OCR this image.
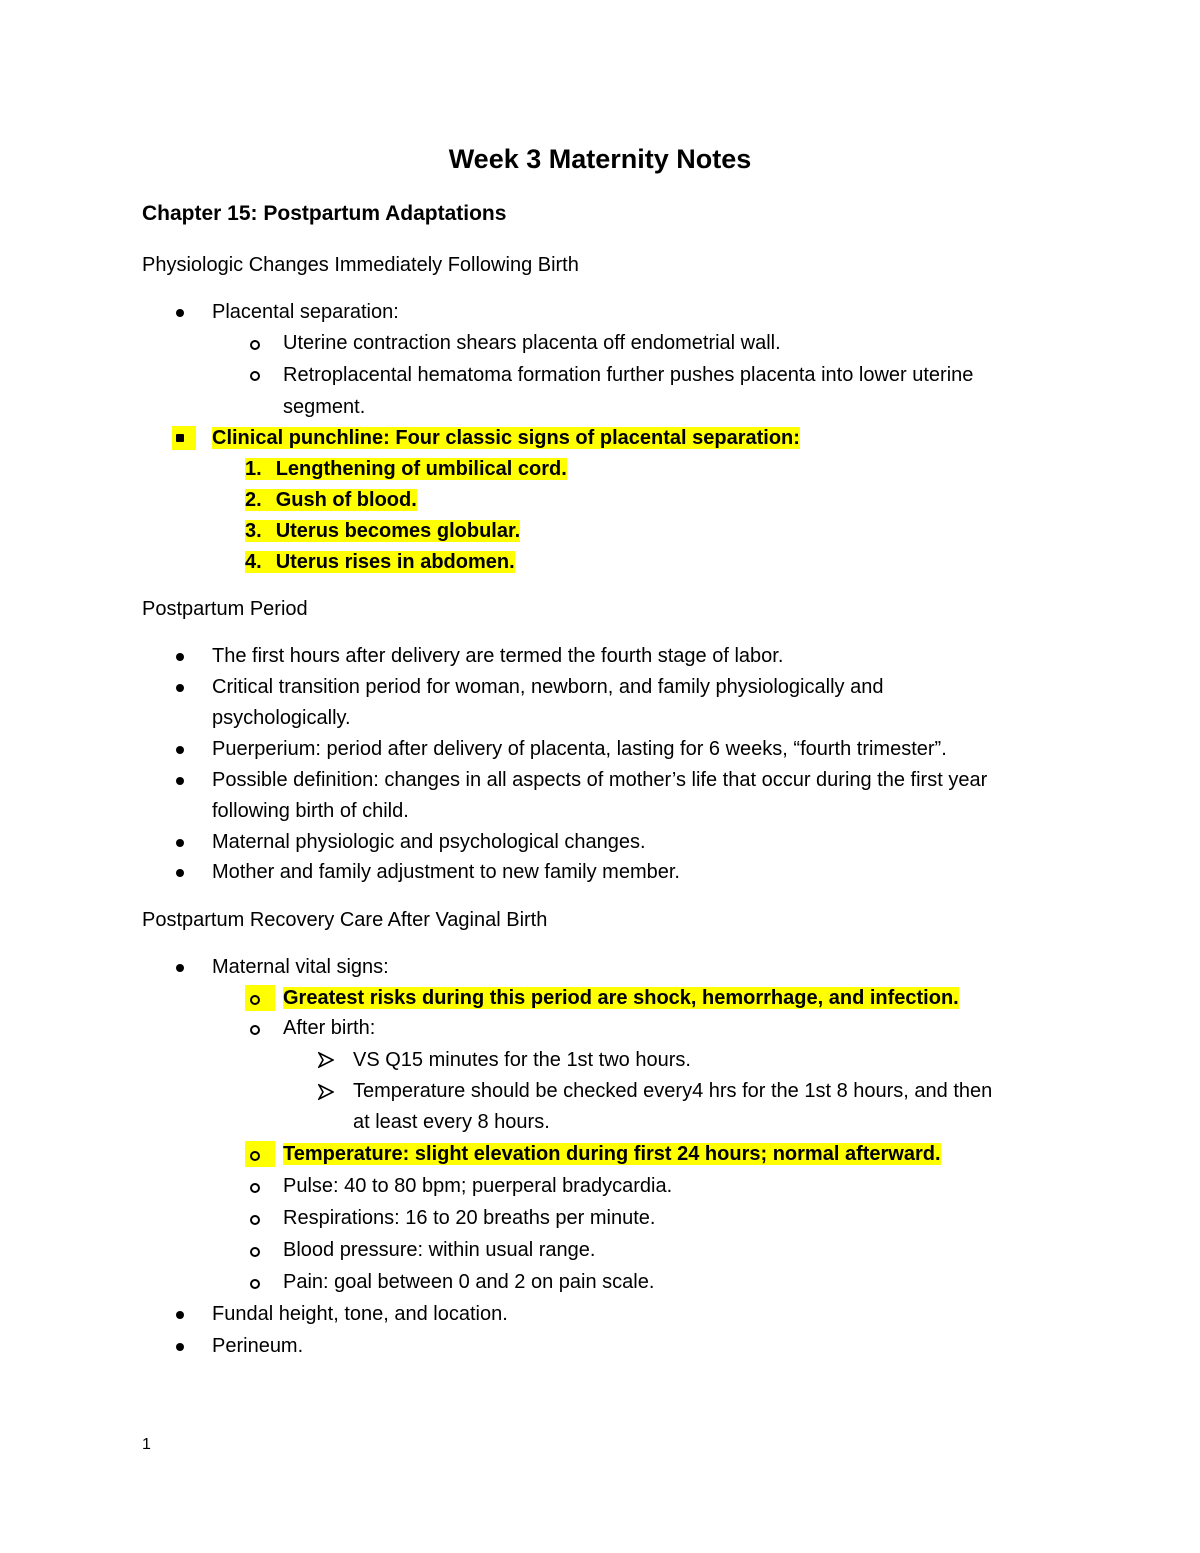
Week 3 Maternity Notes
Chapter 15: Postpartum Adaptations
Physiologic Changes Immediately Following Birth
Placental separation:
Uterine contraction shears placenta off endometrial wall.
Retroplacental hematoma formation further pushes placenta into lower uterine
segment.
Clinical punchline: Four classic signs of placental separation:
1. Lengthening of umbilical cord.
2. Gush of blood.
3. Uterus becomes globular.
4. Uterus rises in abdomen.
Postpartum Period
The first hours after delivery are termed the fourth stage of labor.
Critical transition period for woman, newborn, and family physiologically and
psychologically.
Puerperium: period after delivery of placenta, lasting for 6 weeks, “fourth trimester”.
Possible definition: changes in all aspects of mother’s life that occur during the first year
following birth of child.
Maternal physiologic and psychological changes.
Mother and family adjustment to new family member.
Postpartum Recovery Care After Vaginal Birth
Maternal vital signs:
Greatest risks during this period are shock, hemorrhage, and infection.
After birth:
VS Q15 minutes for the 1st two hours.
Temperature should be checked every4 hrs for the 1st 8 hours, and then
at least every 8 hours.
Temperature: slight elevation during first 24 hours; normal afterward.
Pulse: 40 to 80 bpm; puerperal bradycardia.
Respirations: 16 to 20 breaths per minute.
Blood pressure: within usual range.
Pain: goal between 0 and 2 on pain scale.
Fundal height, tone, and location.
Perineum.
1
